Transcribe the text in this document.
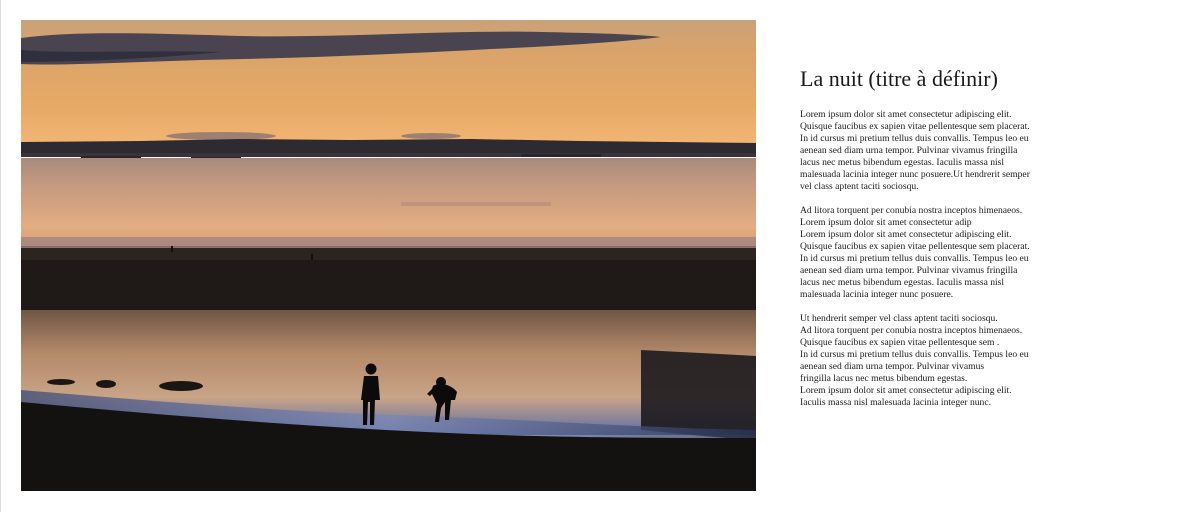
La nuit (titre à définir)

Lorem ipsum dolor sit amet consectetur adipiscing elit.
Quisque faucibus ex sapien vitae pellentesque sem placerat.
In id cursus mi pretium tellus duis convallis. Tempus leo eu
aenean sed diam urna tempor. Pulvinar vivamus fringilla
lacus nec metus bibendum egestas. Iaculis massa nisl
malesuada lacinia integer nunc posuere.Ut hendrerit semper
vel class aptent taciti sociosqu.

Ad litora torquent per conubia nostra inceptos himenaeos.
Lorem ipsum dolor sit amet consectetur adip
Lorem ipsum dolor sit amet consectetur adipiscing elit.
Quisque faucibus ex sapien vitae pellentesque sem placerat.
In id cursus mi pretium tellus duis convallis. Tempus leo eu
aenean sed diam urna tempor. Pulvinar vivamus fringilla
lacus nec metus bibendum egestas. Iaculis massa nisl
malesuada lacinia integer nunc posuere.

Ut hendrerit semper vel class aptent taciti sociosqu.
Ad litora torquent per conubia nostra inceptos himenaeos.
Quisque faucibus ex sapien vitae pellentesque sem .
In id cursus mi pretium tellus duis convallis. Tempus leo eu
aenean sed diam urna tempor. Pulvinar vivamus
fringilla lacus nec metus bibendum egestas.
Lorem ipsum dolor sit amet consectetur adipiscing elit.
Iaculis massa nisl malesuada lacinia integer nunc.
